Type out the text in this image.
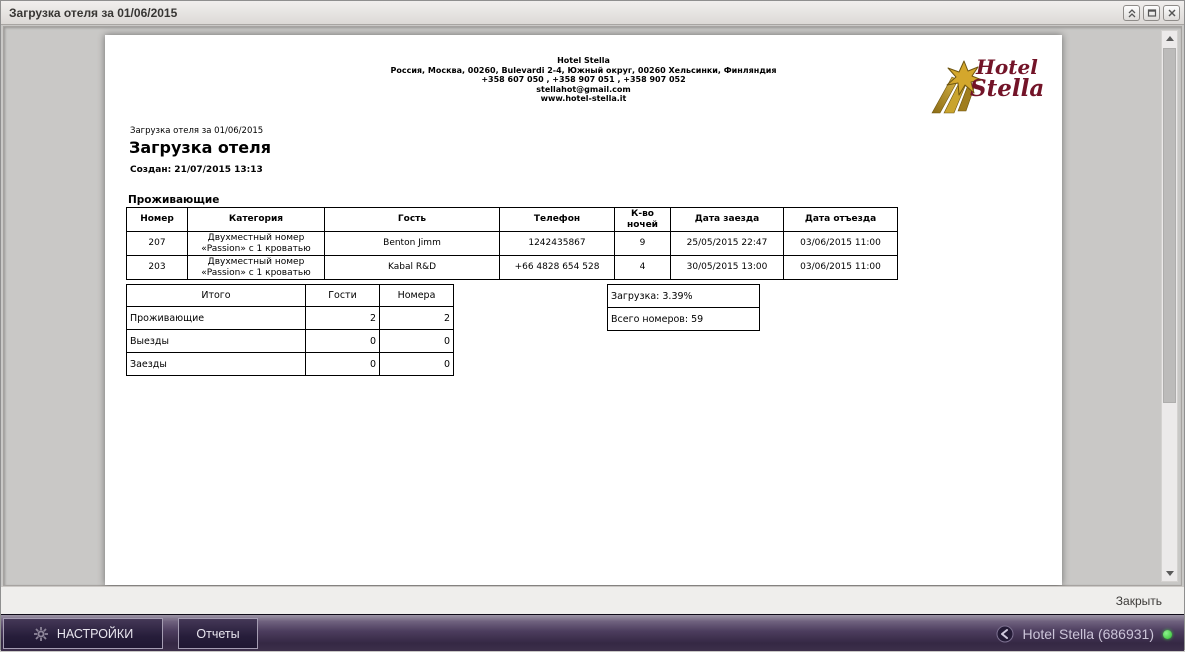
Загрузка отеля за 01/06/2015
Hotel Stella
Россия, Москва, 00260, Bulevardi 2-4, Южный округ, 00260 Хельсинки, Финляндия
+358 607 050 , +358 907 051 , +358 907 052
stellahot@gmail.com
www.hotel-stella.it
Hotel
Stella
Загрузка отеля за 01/06/2015
Загрузка отеля
Создан: 21/07/2015 13:13
Проживающие
Номер	Категория	Гость	Телефон	К-во ночей	Дата заезда	Дата отъезда
207	Двухместный номер «Passion» с 1 кроватью	Benton Jimm	1242435867	9	25/05/2015 22:47	03/06/2015 11:00
203	Двухместный номер «Passion» с 1 кроватью	Kabal R&D	+66 4828 654 528	4	30/05/2015 13:00	03/06/2015 11:00
Итого	Гости	Номера
Проживающие	2	2
Выезды	0	0
Заезды	0	0
Загрузка: 3.39%
Всего номеров: 59
Закрыть
НАСТРОЙКИ	Отчеты	Hotel Stella (686931)
